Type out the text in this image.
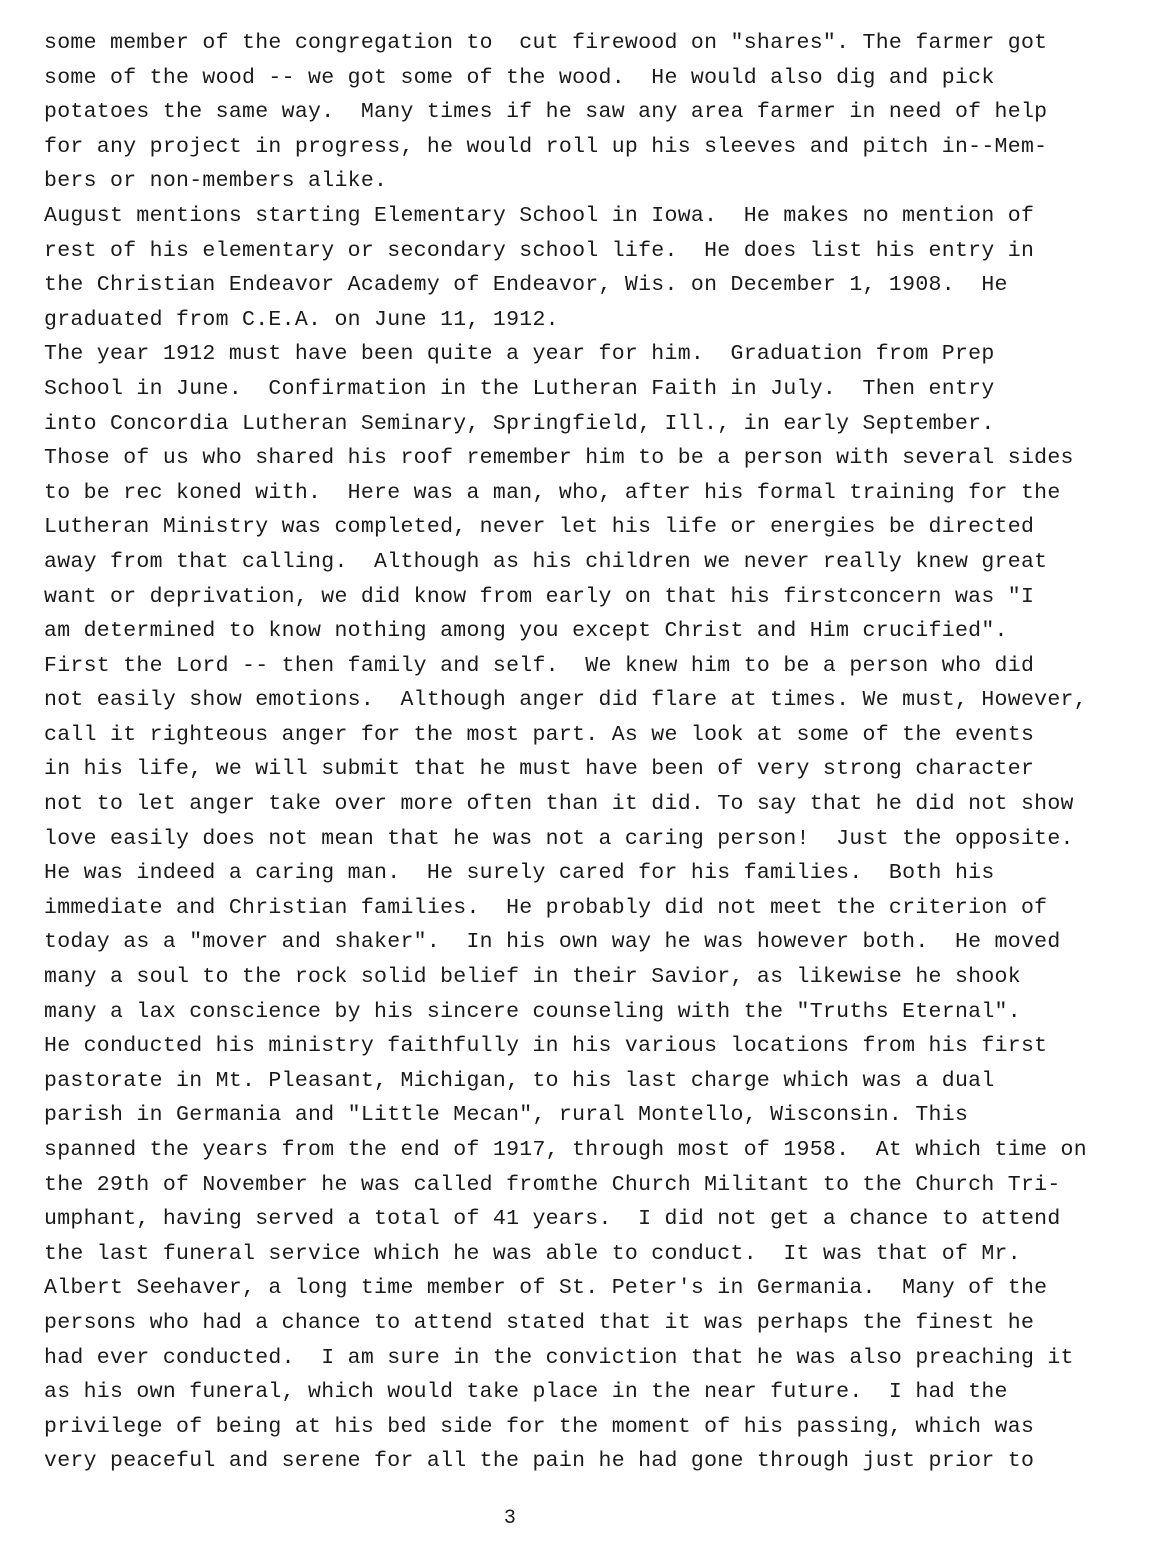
some member of the congregation to  cut firewood on "shares". The farmer got
some of the wood -- we got some of the wood.  He would also dig and pick
potatoes the same way.  Many times if he saw any area farmer in need of help
for any project in progress, he would roll up his sleeves and pitch in--Mem-
bers or non-members alike.
August mentions starting Elementary School in Iowa.  He makes no mention of
rest of his elementary or secondary school life.  He does list his entry in
the Christian Endeavor Academy of Endeavor, Wis. on December 1, 1908.  He
graduated from C.E.A. on June 11, 1912.
The year 1912 must have been quite a year for him.  Graduation from Prep
School in June.  Confirmation in the Lutheran Faith in July.  Then entry
into Concordia Lutheran Seminary, Springfield, Ill., in early September.
Those of us who shared his roof remember him to be a person with several sides
to be rec koned with.  Here was a man, who, after his formal training for the
Lutheran Ministry was completed, never let his life or energies be directed
away from that calling.  Although as his children we never really knew great
want or deprivation, we did know from early on that his firstconcern was "I
am determined to know nothing among you except Christ and Him crucified".
First the Lord -- then family and self.  We knew him to be a person who did
not easily show emotions.  Although anger did flare at times. We must, However,
call it righteous anger for the most part. As we look at some of the events
in his life, we will submit that he must have been of very strong character
not to let anger take over more often than it did. To say that he did not show
love easily does not mean that he was not a caring person!  Just the opposite.
He was indeed a caring man.  He surely cared for his families.  Both his
immediate and Christian families.  He probably did not meet the criterion of
today as a "mover and shaker".  In his own way he was however both.  He moved
many a soul to the rock solid belief in their Savior, as likewise he shook
many a lax conscience by his sincere counseling with the "Truths Eternal".
He conducted his ministry faithfully in his various locations from his first
pastorate in Mt. Pleasant, Michigan, to his last charge which was a dual
parish in Germania and "Little Mecan", rural Montello, Wisconsin. This
spanned the years from the end of 1917, through most of 1958.  At which time on
the 29th of November he was called fromthe Church Militant to the Church Tri-
umphant, having served a total of 41 years.  I did not get a chance to attend
the last funeral service which he was able to conduct.  It was that of Mr.
Albert Seehaver, a long time member of St. Peter's in Germania.  Many of the
persons who had a chance to attend stated that it was perhaps the finest he
had ever conducted.  I am sure in the conviction that he was also preaching it
as his own funeral, which would take place in the near future.  I had the
privilege of being at his bed side for the moment of his passing, which was
very peaceful and serene for all the pain he had gone through just prior to
3
